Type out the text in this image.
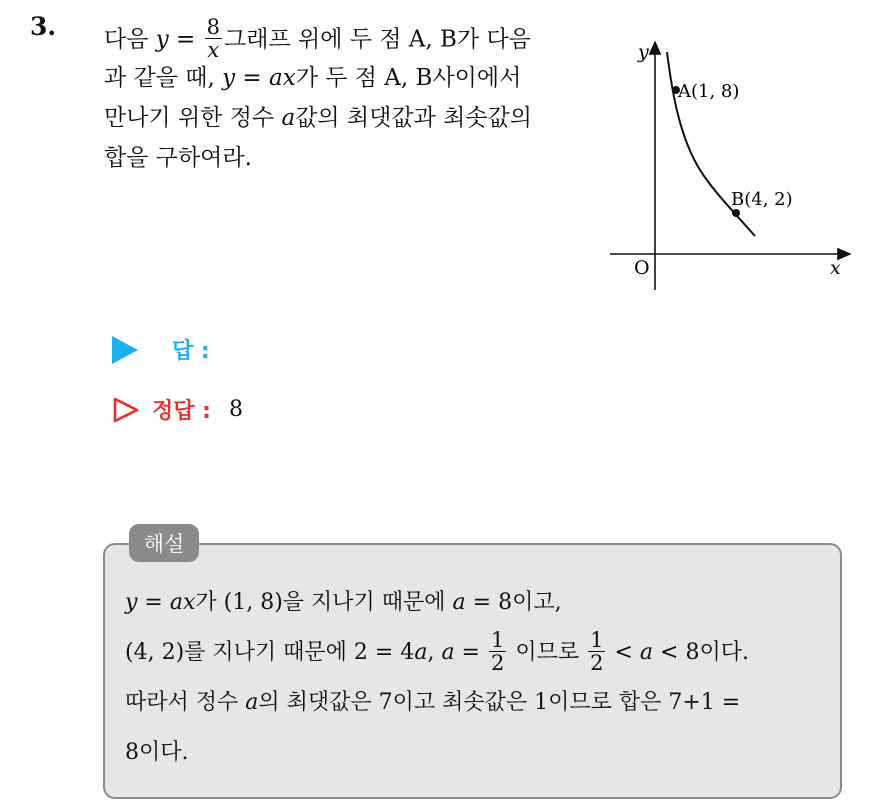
3. 다음 $y = \frac{8}{x}$ 그래프 위에 두 점 A, B가 다음
과 같을 때, y = ax가 두 점 A, B사이에서
만나기 위한 정수 a값의 최댓값과 최솟값의
합을 구하여라.
y
x
O
A(1, 8)
B(4, 2)
답 :
정답 : 8
해설
y = ax가 (1, 8)을 지나기 때문에 a = 8이고,
(4, 2)를 지나기 때문에 2 = 4a, $a = \frac{1}{2}$ 이므로 $\frac{1}{2} < a < 8$이다.
따라서 정수 a의 최댓값은 7이고 최솟값은 1이므로 합은 7+1 =
8이다.
